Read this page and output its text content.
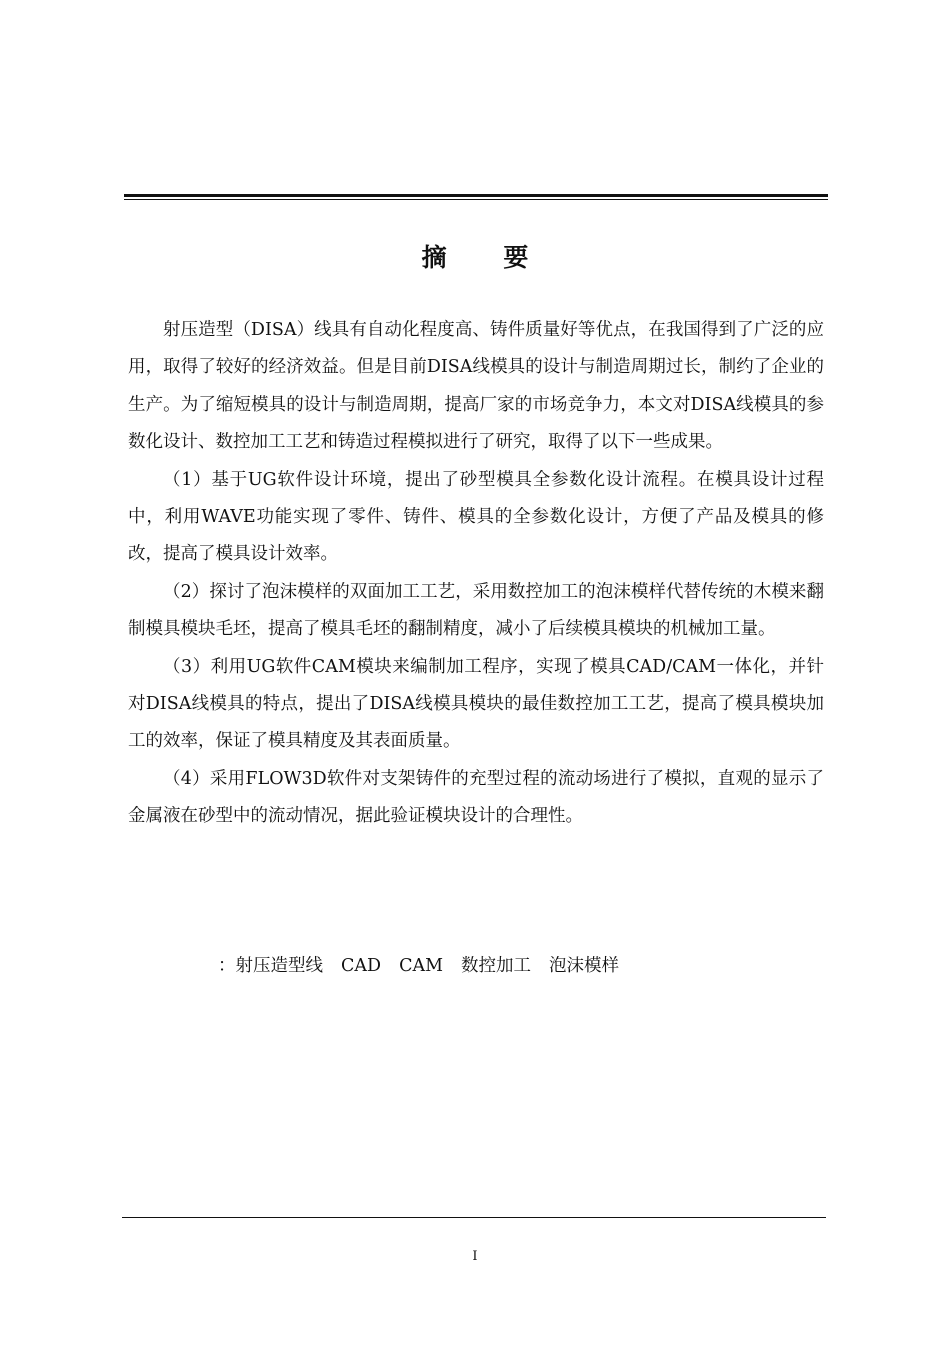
摘 要

射压造型（DISA）线具有自动化程度高、铸件质量好等优点，在我国得到了广泛的应用，取得了较好的经济效益。但是目前DISA线模具的设计与制造周期过长，制约了企业的生产。为了缩短模具的设计与制造周期，提高厂家的市场竞争力，本文对DISA线模具的参数化设计、数控加工工艺和铸造过程模拟进行了研究，取得了以下一些成果。

（1）基于UG软件设计环境，提出了砂型模具全参数化设计流程。在模具设计过程中，利用WAVE功能实现了零件、铸件、模具的全参数化设计，方便了产品及模具的修改，提高了模具设计效率。

（2）探讨了泡沫模样的双面加工工艺，采用数控加工的泡沫模样代替传统的木模来翻制模具模块毛坯，提高了模具毛坯的翻制精度，减小了后续模具模块的机械加工量。

（3）利用UG软件CAM模块来编制加工程序，实现了模具CAD/CAM一体化，并针对DISA线模具的特点，提出了DISA线模具模块的最佳数控加工工艺，提高了模具模块加工的效率，保证了模具精度及其表面质量。

（4）采用FLOW3D软件对支架铸件的充型过程的流动场进行了模拟，直观的显示了金属液在砂型中的流动情况，据此验证模块设计的合理性。

：射压造型线 CAD CAM 数控加工 泡沫模样
I
